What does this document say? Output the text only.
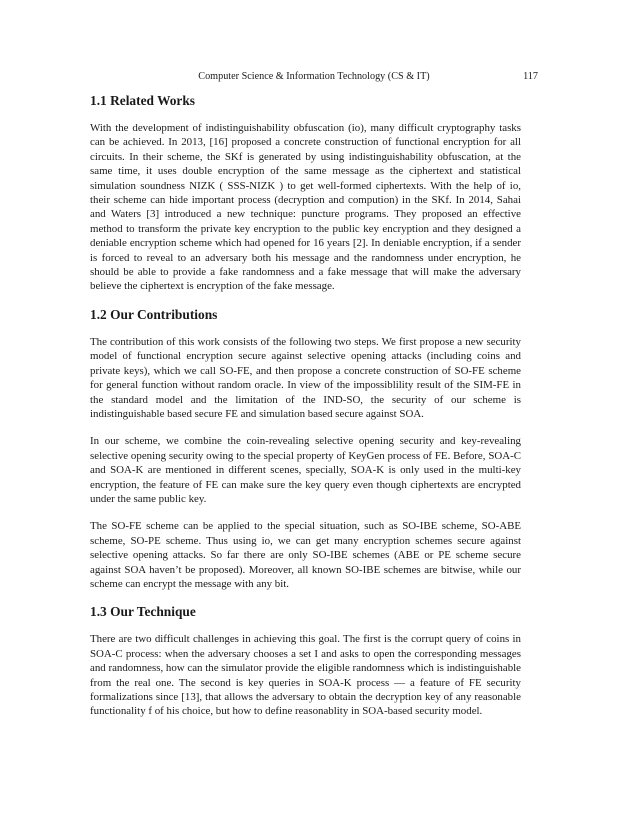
Computer Science & Information Technology (CS & IT)	117
1.1 Related Works

With the development of indistinguishability obfuscation (io), many difficult cryptography tasks can be achieved. In 2013, [16] proposed a concrete construction of functional encryption for all circuits. In their scheme, the SKf is generated by using indistinguishability obfuscation, at the same time, it uses double encryption of the same message as the ciphertext and statistical simulation soundness NIZK ( SSS-NIZK ) to get well-formed ciphertexts. With the help of io, their scheme can hide important process (decryption and compution) in the SKf. In 2014, Sahai and Waters [3] introduced a new technique: puncture programs. They proposed an effective method to transform the private key encryption to the public key encryption and they designed a deniable encryption scheme which had opened for 16 years [2]. In deniable encryption, if a sender is forced to reveal to an adversary both his message and the randomness under encryption, he should be able to provide a fake randomness and a fake message that will make the adversary believe the ciphertext is encryption of the fake message.

1.2 Our Contributions

The contribution of this work consists of the following two steps. We first propose a new security model of functional encryption secure against selective opening attacks (including coins and private keys), which we call SO-FE, and then propose a concrete construction of SO-FE scheme for general function without random oracle. In view of the impossiblility result of the SIM-FE in the standard model and the limitation of the IND-SO, the security of our scheme is indistinguishable based secure FE and simulation based secure against SOA.

In our scheme, we combine the coin-revealing selective opening security and key-revealing selective opening security owing to the special property of KeyGen process of FE. Before, SOA-C and SOA-K are mentioned in different scenes, specially, SOA-K is only used in the multi-key encryption, the feature of FE can make sure the key query even though ciphertexts are encrypted under the same public key.

The SO-FE scheme can be applied to the special situation, such as SO-IBE scheme, SO-ABE scheme, SO-PE scheme. Thus using io, we can get many encryption schemes secure against selective opening attacks. So far there are only SO-IBE schemes (ABE or PE scheme secure against SOA haven’t be proposed). Moreover, all known SO-IBE schemes are bitwise, while our scheme can encrypt the message with any bit.

1.3 Our Technique

There are two difficult challenges in achieving this goal. The first is the corrupt query of coins in SOA-C process: when the adversary chooses a set I and asks to open the corresponding messages and randomness, how can the simulator provide the eligible randomness which is indistinguishable from the real one. The second is key queries in SOA-K process — a feature of FE security formalizations since [13], that allows the adversary to obtain the decryption key of any reasonable functionality f of his choice, but how to define reasonablity in SOA-based security model.
